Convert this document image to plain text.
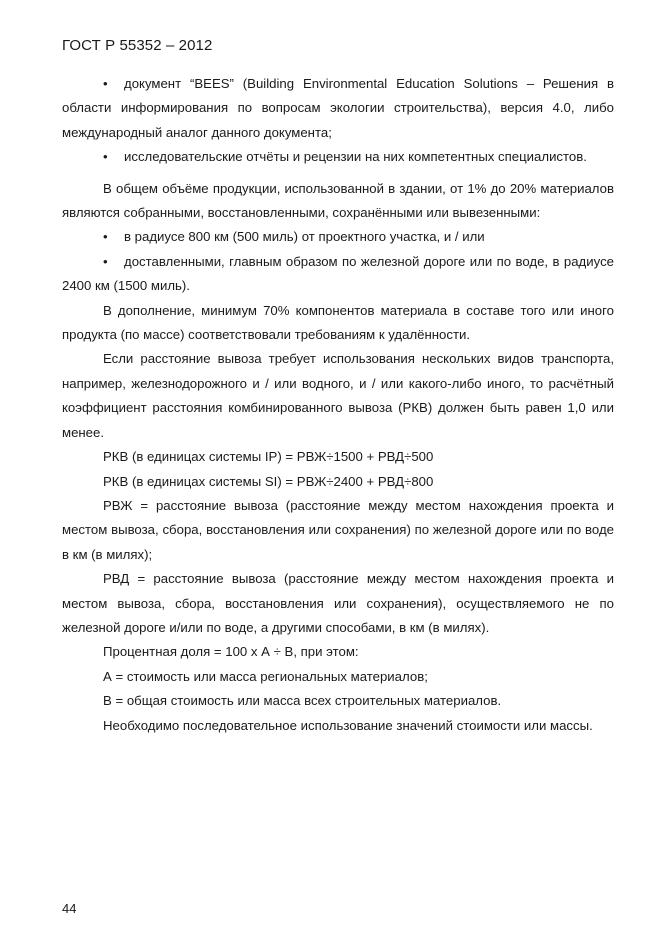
ГОСТ Р 55352 – 2012

• документ “BEES” (Building Environmental Education Solutions – Решения в области информирования по вопросам экологии строительства), версия 4.0, либо международный аналог данного документа;

• исследовательские отчёты и рецензии на них компетентных специалистов.

В общем объёме продукции, использованной в здании, от 1% до 20% материалов являются собранными, восстановленными, сохранёнными или вывезенными:

• в радиусе 800 км (500 миль) от проектного участка, и / или

• доставленными, главным образом по железной дороге или по воде, в радиусе 2400 км (1500 миль).

В дополнение, минимум 70% компонентов материала в составе того или иного продукта (по массе) соответствовали требованиям к удалённости.

Если расстояние вывоза требует использования нескольких видов транспорта, например, железнодорожного и / или водного, и / или какого-либо иного, то расчётный коэффициент расстояния комбинированного вывоза (РКВ) должен быть равен 1,0 или менее.

РКВ (в единицах системы IP) = РВЖ÷1500 + РВД÷500

РКВ (в единицах системы SI) = РВЖ÷2400 + РВД÷800

РВЖ = расстояние вывоза (расстояние между местом нахождения проекта и местом вывоза, сбора, восстановления или сохранения) по железной дороге или по воде в км (в милях);

РВД = расстояние вывоза (расстояние между местом нахождения проекта и местом вывоза, сбора, восстановления или сохранения), осуществляемого не по железной дороге и/или по воде, а другими способами, в км (в милях).

Процентная доля = 100 х А ÷ В, при этом:

А = стоимость или масса региональных материалов;

В = общая стоимость или масса всех строительных материалов.

Необходимо последовательное использование значений стоимости или массы.

44
